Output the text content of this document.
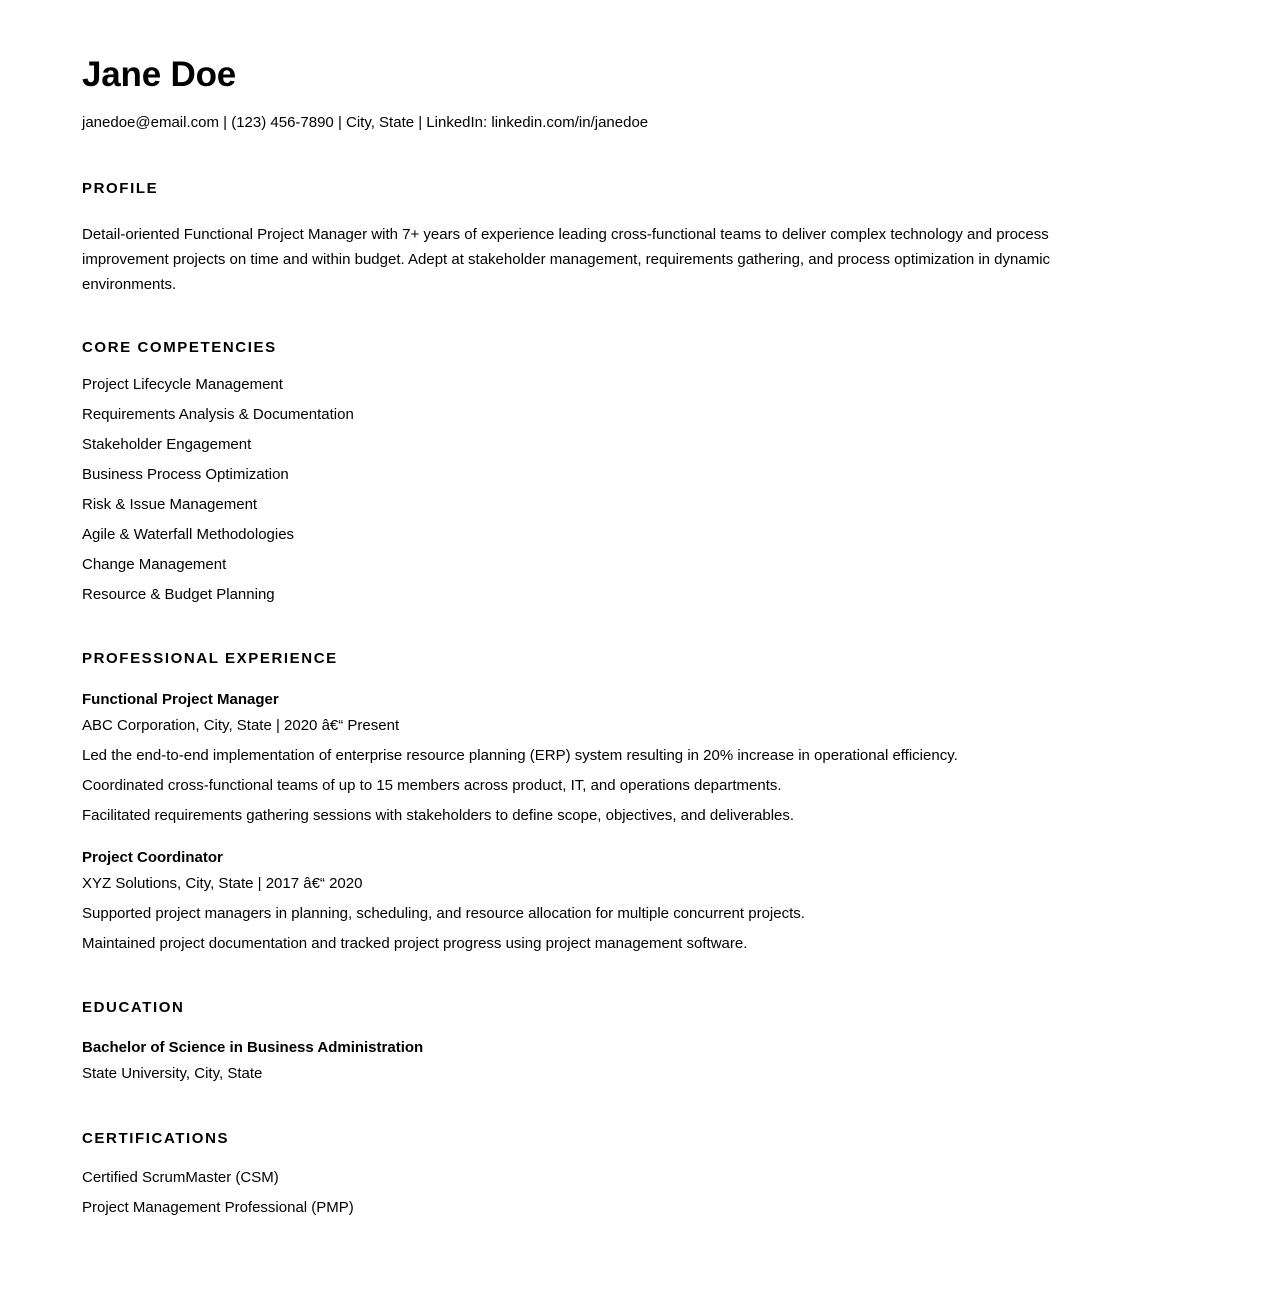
Jane Doe
janedoe@email.com | (123) 456-7890 | City, State | LinkedIn: linkedin.com/in/janedoe
PROFILE

Detail-oriented Functional Project Manager with 7+ years of experience leading cross-functional teams to deliver complex technology and process improvement projects on time and within budget. Adept at stakeholder management, requirements gathering, and process optimization in dynamic environments.

CORE COMPETENCIES
Project Lifecycle Management
Requirements Analysis & Documentation
Stakeholder Engagement
Business Process Optimization
Risk & Issue Management
Agile & Waterfall Methodologies
Change Management
Resource & Budget Planning
PROFESSIONAL EXPERIENCE
Functional Project Manager
ABC Corporation, City, State | 2020 â€“ Present
Led the end-to-end implementation of enterprise resource planning (ERP) system resulting in 20% increase in operational efficiency.
Coordinated cross-functional teams of up to 15 members across product, IT, and operations departments.
Facilitated requirements gathering sessions with stakeholders to define scope, objectives, and deliverables.
Project Coordinator
XYZ Solutions, City, State | 2017 â€“ 2020
Supported project managers in planning, scheduling, and resource allocation for multiple concurrent projects.
Maintained project documentation and tracked project progress using project management software.
EDUCATION
Bachelor of Science in Business Administration
State University, City, State
CERTIFICATIONS
Certified ScrumMaster (CSM)
Project Management Professional (PMP)
